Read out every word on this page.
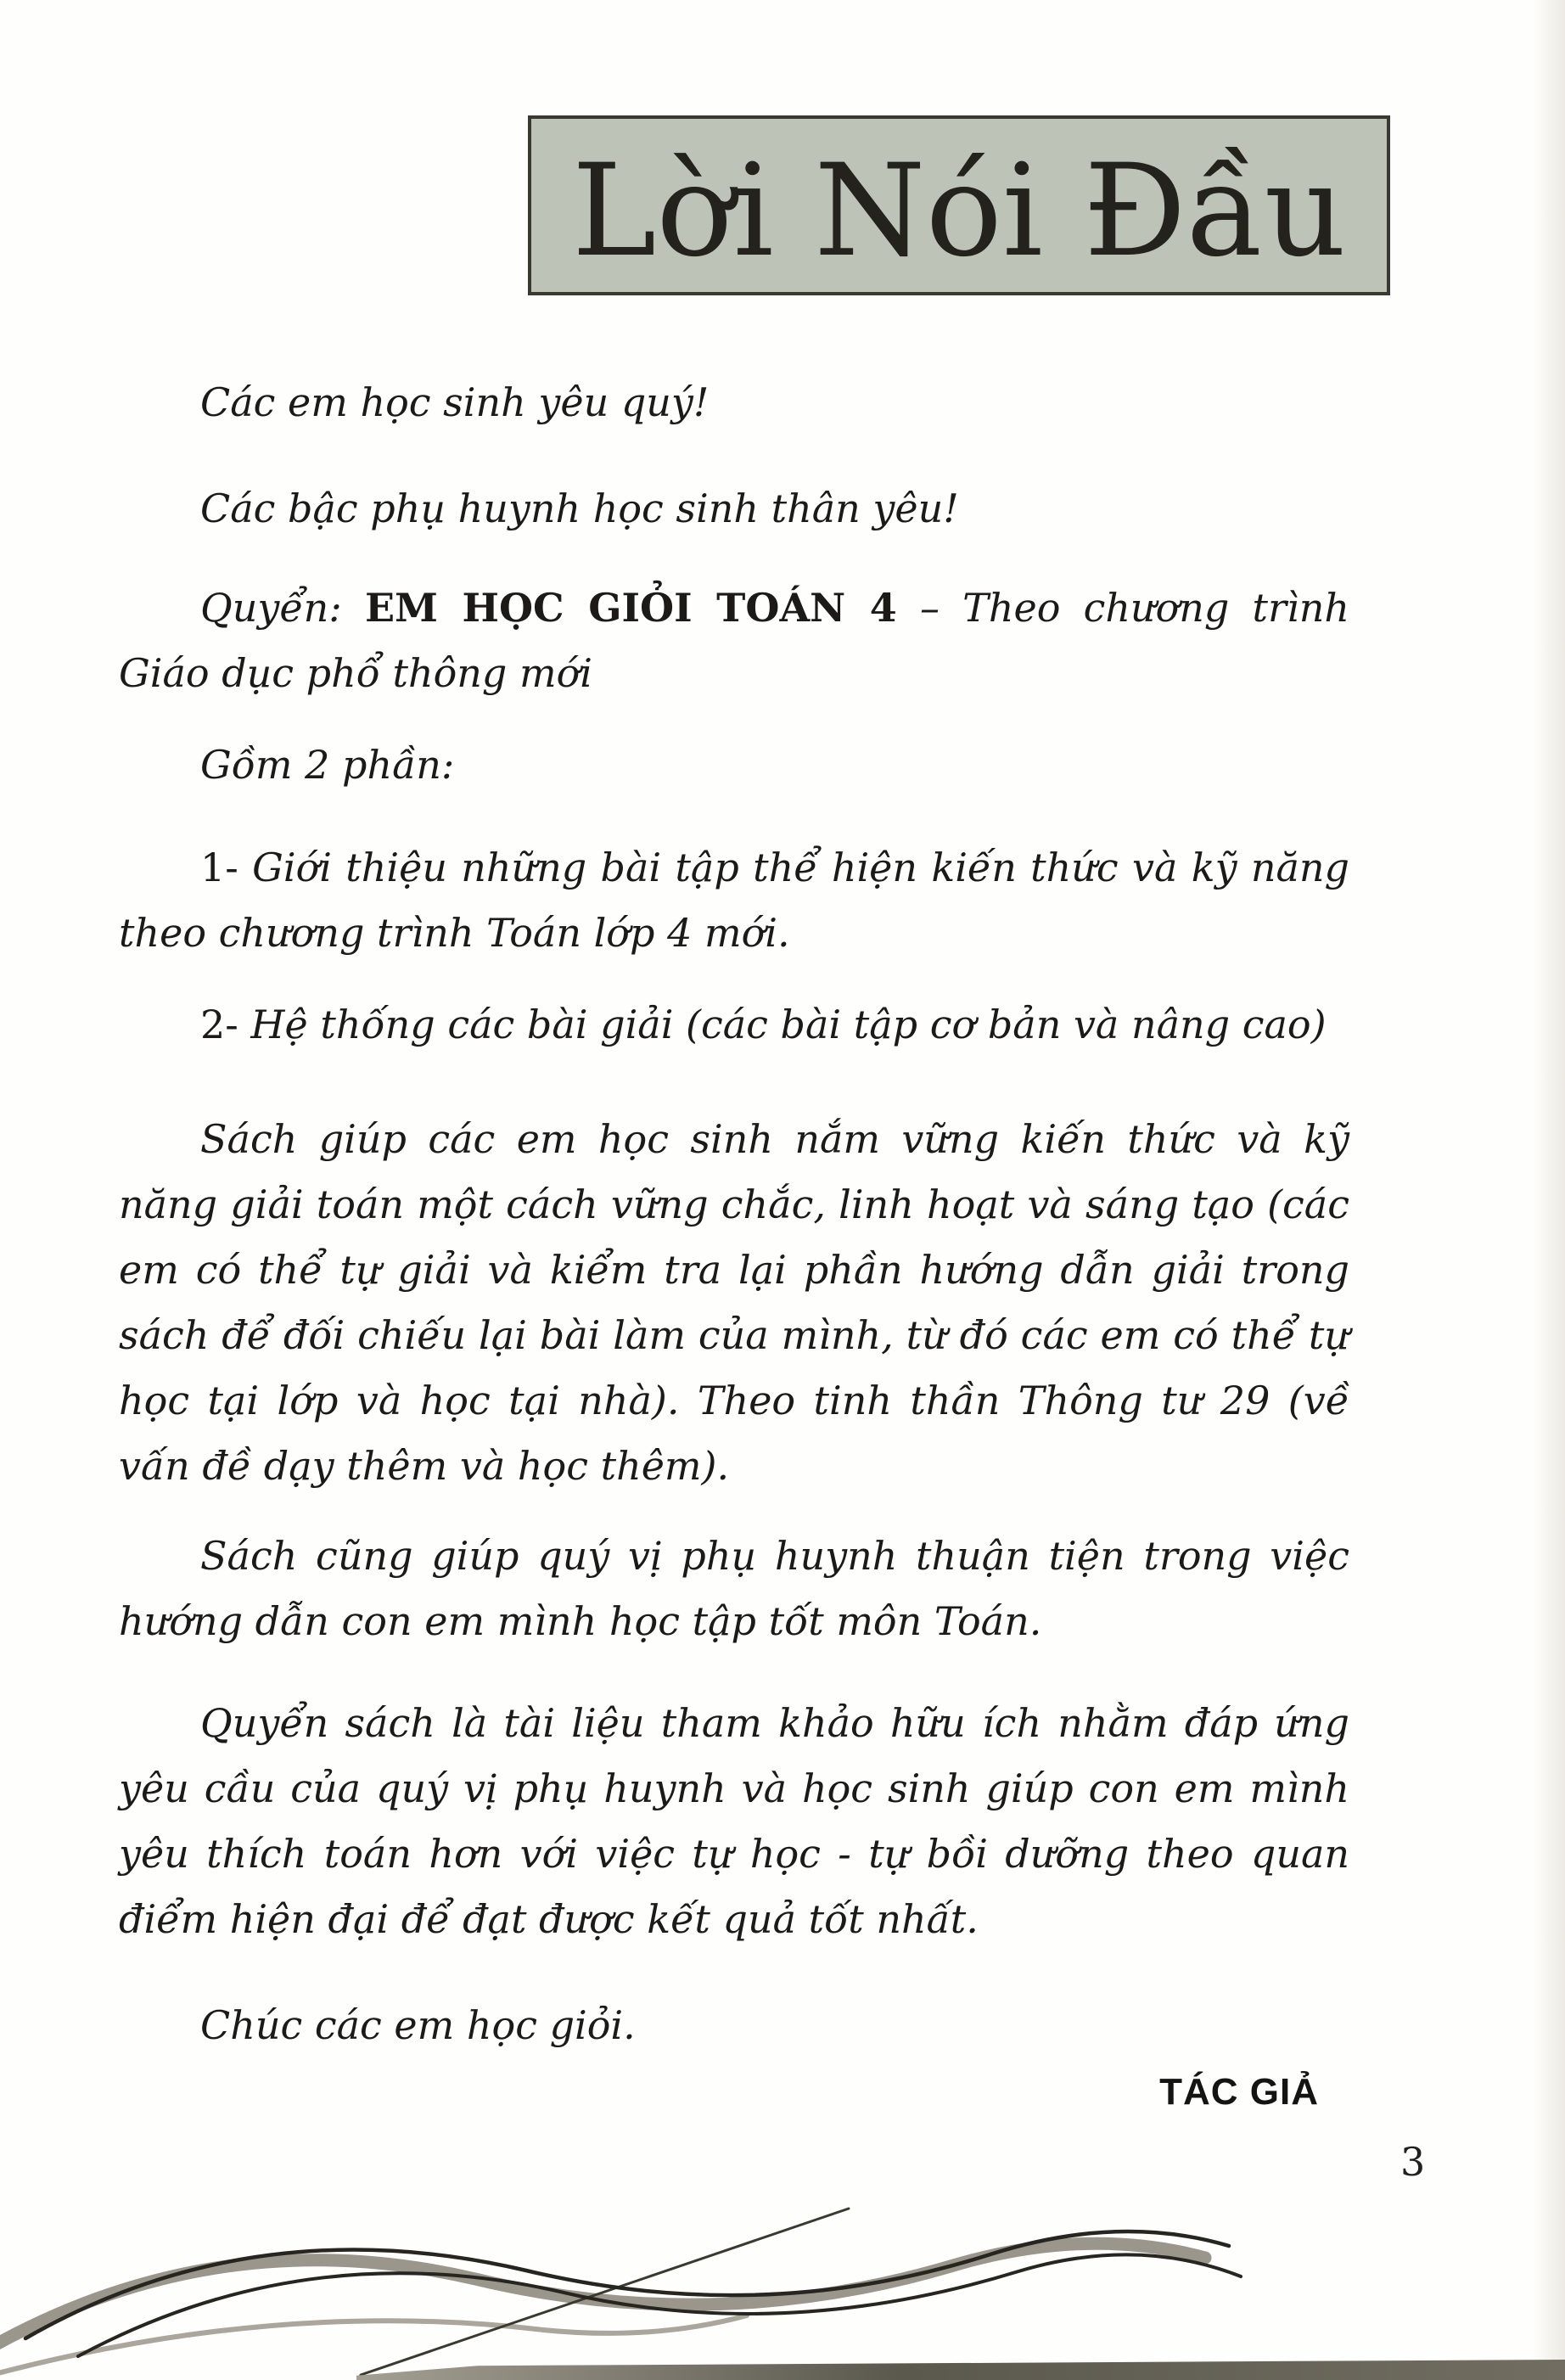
Lời Nói Đầu

Các em học sinh yêu quý!

Các bậc phụ huynh học sinh thân yêu!

Quyển: EM HỌC GIỎI TOÁN 4 – Theo chương trình Giáo dục phổ thông mới

Gồm 2 phần:

1- Giới thiệu những bài tập thể hiện kiến thức và kỹ năng theo chương trình Toán lớp 4 mới.

2- Hệ thống các bài giải (các bài tập cơ bản và nâng cao)

Sách giúp các em học sinh nắm vững kiến thức và kỹ năng giải toán một cách vững chắc, linh hoạt và sáng tạo (các em có thể tự giải và kiểm tra lại phần hướng dẫn giải trong sách để đối chiếu lại bài làm của mình, từ đó các em có thể tự học tại lớp và học tại nhà). Theo tinh thần Thông tư 29 (về vấn đề dạy thêm và học thêm).

Sách cũng giúp quý vị phụ huynh thuận tiện trong việc hướng dẫn con em mình học tập tốt môn Toán.

Quyển sách là tài liệu tham khảo hữu ích nhằm đáp ứng yêu cầu của quý vị phụ huynh và học sinh giúp con em mình yêu thích toán hơn với việc tự học - tự bồi dưỡng theo quan điểm hiện đại để đạt được kết quả tốt nhất.

Chúc các em học giỏi.

TÁC GIẢ

3
